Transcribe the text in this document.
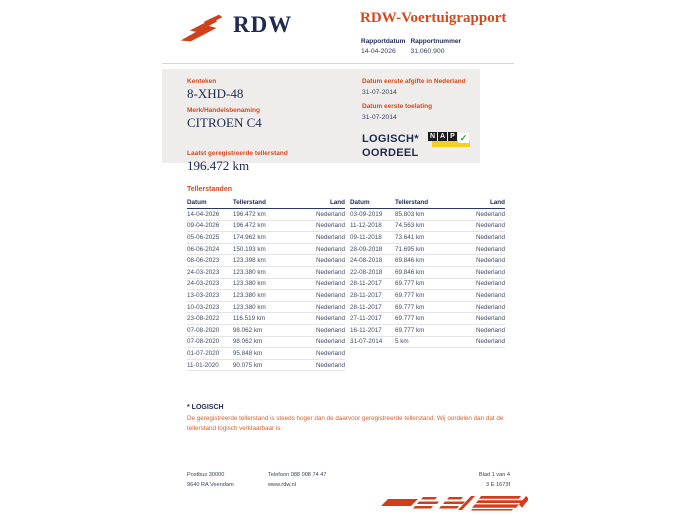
RDW	RDW-Voertuigrapport
Rapportdatum
14-04-2026

Rapportnummer
31.060.900
Kenteken
8-XHD-48
Merk/Handelsbenaming
CITROEN C4
Laatst geregistreerde tellerstand
196.472 km
Datum eerste afgifte in Nederland
31-07-2014
Datum eerste toelating
31-07-2014
LOGISCH*
OORDEEL
N A P ✓
Tellerstanden
Datum	Tellerstand	Land
14-04-2026	196.472 km	Nederland
09-04-2026	196.472 km	Nederland
05-06-2025	174.962 km	Nederland
06-06-2024	150.193 km	Nederland
08-06-2023	123.398 km	Nederland
24-03-2023	123.380 km	Nederland
24-03-2023	123.380 km	Nederland
13-03-2023	123.380 km	Nederland
10-03-2023	123.380 km	Nederland
23-08-2022	116.519 km	Nederland
07-08-2020	98.062 km	Nederland
07-08-2020	98.062 km	Nederland
01-07-2020	95.848 km	Nederland
11-01-2020	90.075 km	Nederland
Datum	Tellerstand	Land
03-09-2019	85.803 km	Nederland
11-12-2018	74.563 km	Nederland
09-11-2018	73.641 km	Nederland
28-09-2018	71.695 km	Nederland
24-08-2018	69.846 km	Nederland
22-08-2018	69.846 km	Nederland
28-11-2017	69.777 km	Nederland
28-11-2017	69.777 km	Nederland
28-11-2017	69.777 km	Nederland
27-11-2017	69.777 km	Nederland
16-11-2017	69.777 km	Nederland
31-07-2014	5 km	Nederland
* LOGISCH
De geregistreerde tellerstand is steeds hoger dan de daarvoor geregistreerde tellerstand. Wij oordelen dan dat de tellerstand logisch verklaarbaar is.
Postbus 30000
9640 RA Veendam
Telefoon 088 008 74 47
www.rdw.nl
Blad 1 van 4
3 E 1673f
